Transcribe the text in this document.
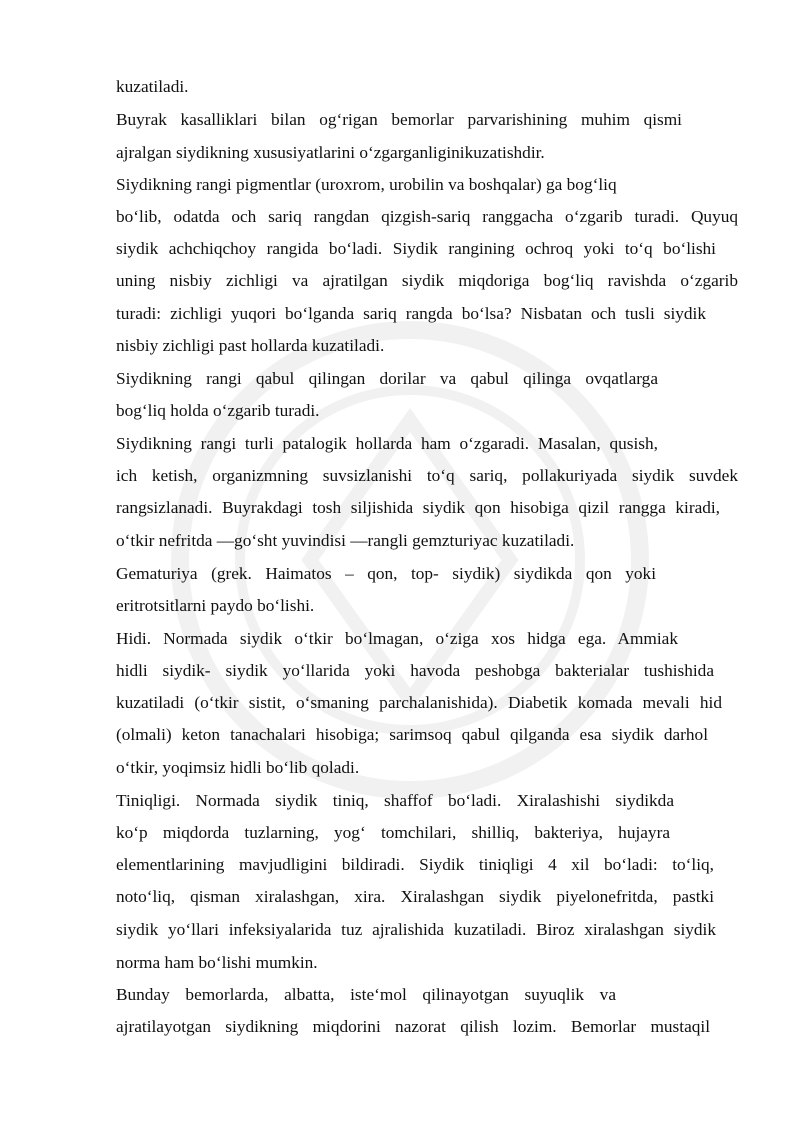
kuzatiladi.

Buyrak kasalliklari bilan og‘rigan bemorlar parvarishining muhim qismi

ajralgan siydikning xususiyatlarini o‘zgarganliginikuzatishdir.

Siydikning rangi pigmentlar (uroxrom, urobilin va boshqalar) ga bog‘liq

bo‘lib, odatda och sariq rangdan qizgish-sariq ranggacha o‘zgarib turadi. Quyuq

siydik achchiqchoy rangida bo‘ladi. Siydik rangining ochroq yoki to‘q bo‘lishi

uning nisbiy zichligi va ajratilgan siydik miqdoriga bog‘liq ravishda o‘zgarib

turadi: zichligi yuqori bo‘lganda sariq rangda bo‘lsa? Nisbatan och tusli siydik

nisbiy zichligi past hollarda kuzatiladi.

Siydikning rangi qabul qilingan dorilar va qabul qilinga ovqatlarga

bog‘liq holda o‘zgarib turadi.

Siydikning rangi turli patalogik hollarda ham o‘zgaradi. Masalan, qusish,

ich ketish, organizmning suvsizlanishi to‘q sariq, pollakuriyada siydik suvdek

rangsizlanadi. Buyrakdagi tosh siljishida siydik qon hisobiga qizil rangga kiradi,

o‘tkir nefritda —go‘sht yuvindisi —rangli gemzturiyac kuzatiladi.

Gematuriya (grek. Haimatos – qon, top- siydik) siydikda qon yoki

eritrotsitlarni paydo bo‘lishi.

Hidi. Normada siydik o‘tkir bo‘lmagan, o‘ziga xos hidga ega. Ammiak

hidli siydik- siydik yo‘llarida yoki havoda peshobga bakterialar tushishida

kuzatiladi (o‘tkir sistit, o‘smaning parchalanishida). Diabetik komada mevali hid

(olmali) keton tanachalari hisobiga; sarimsoq qabul qilganda esa siydik darhol

o‘tkir, yoqimsiz hidli bo‘lib qoladi.

Tiniqligi. Normada siydik tiniq, shaffof bo‘ladi. Xiralashishi siydikda

ko‘p miqdorda tuzlarning, yog‘ tomchilari, shilliq, bakteriya, hujayra

elementlarining mavjudligini bildiradi. Siydik tiniqligi 4 xil bo‘ladi: to‘liq,

noto‘liq, qisman xiralashgan, xira. Xiralashgan siydik piyelonefritda, pastki

siydik yo‘llari infeksiyalarida tuz ajralishida kuzatiladi. Biroz xiralashgan siydik

norma ham bo‘lishi mumkin.

Bunday bemorlarda, albatta, iste‘mol qilinayotgan suyuqlik va

ajratilayotgan siydikning miqdorini nazorat qilish lozim. Bemorlar mustaqil
